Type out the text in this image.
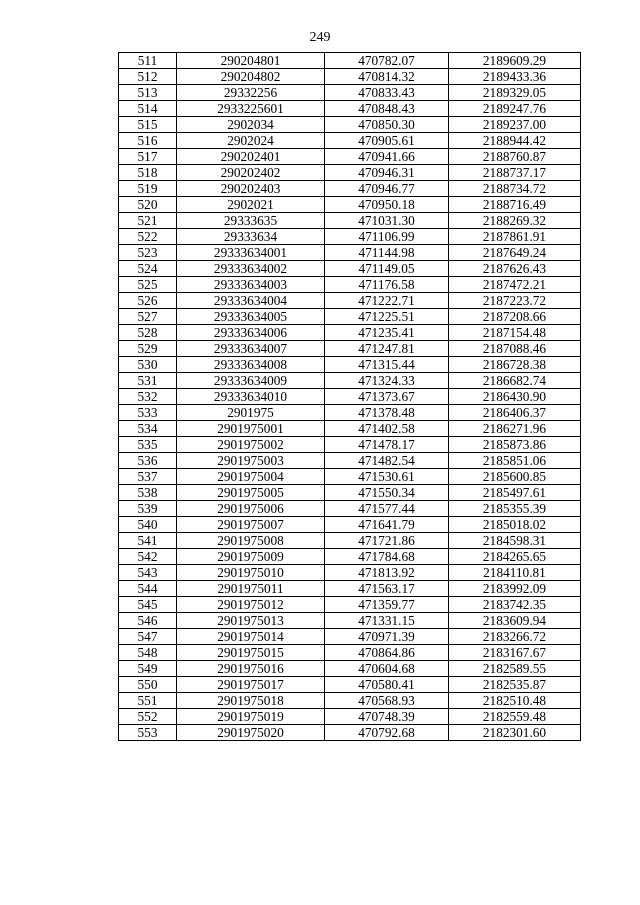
249
511	290204801	470782.07	2189609.29
512	290204802	470814.32	2189433.36
513	29332256	470833.43	2189329.05
514	2933225601	470848.43	2189247.76
515	2902034	470850.30	2189237.00
516	2902024	470905.61	2188944.42
517	290202401	470941.66	2188760.87
518	290202402	470946.31	2188737.17
519	290202403	470946.77	2188734.72
520	2902021	470950.18	2188716.49
521	29333635	471031.30	2188269.32
522	29333634	471106.99	2187861.91
523	29333634001	471144.98	2187649.24
524	29333634002	471149.05	2187626.43
525	29333634003	471176.58	2187472.21
526	29333634004	471222.71	2187223.72
527	29333634005	471225.51	2187208.66
528	29333634006	471235.41	2187154.48
529	29333634007	471247.81	2187088.46
530	29333634008	471315.44	2186728.38
531	29333634009	471324.33	2186682.74
532	29333634010	471373.67	2186430.90
533	2901975	471378.48	2186406.37
534	2901975001	471402.58	2186271.96
535	2901975002	471478.17	2185873.86
536	2901975003	471482.54	2185851.06
537	2901975004	471530.61	2185600.85
538	2901975005	471550.34	2185497.61
539	2901975006	471577.44	2185355.39
540	2901975007	471641.79	2185018.02
541	2901975008	471721.86	2184598.31
542	2901975009	471784.68	2184265.65
543	2901975010	471813.92	2184110.81
544	2901975011	471563.17	2183992.09
545	2901975012	471359.77	2183742.35
546	2901975013	471331.15	2183609.94
547	2901975014	470971.39	2183266.72
548	2901975015	470864.86	2183167.67
549	2901975016	470604.68	2182589.55
550	2901975017	470580.41	2182535.87
551	2901975018	470568.93	2182510.48
552	2901975019	470748.39	2182559.48
553	2901975020	470792.68	2182301.60
